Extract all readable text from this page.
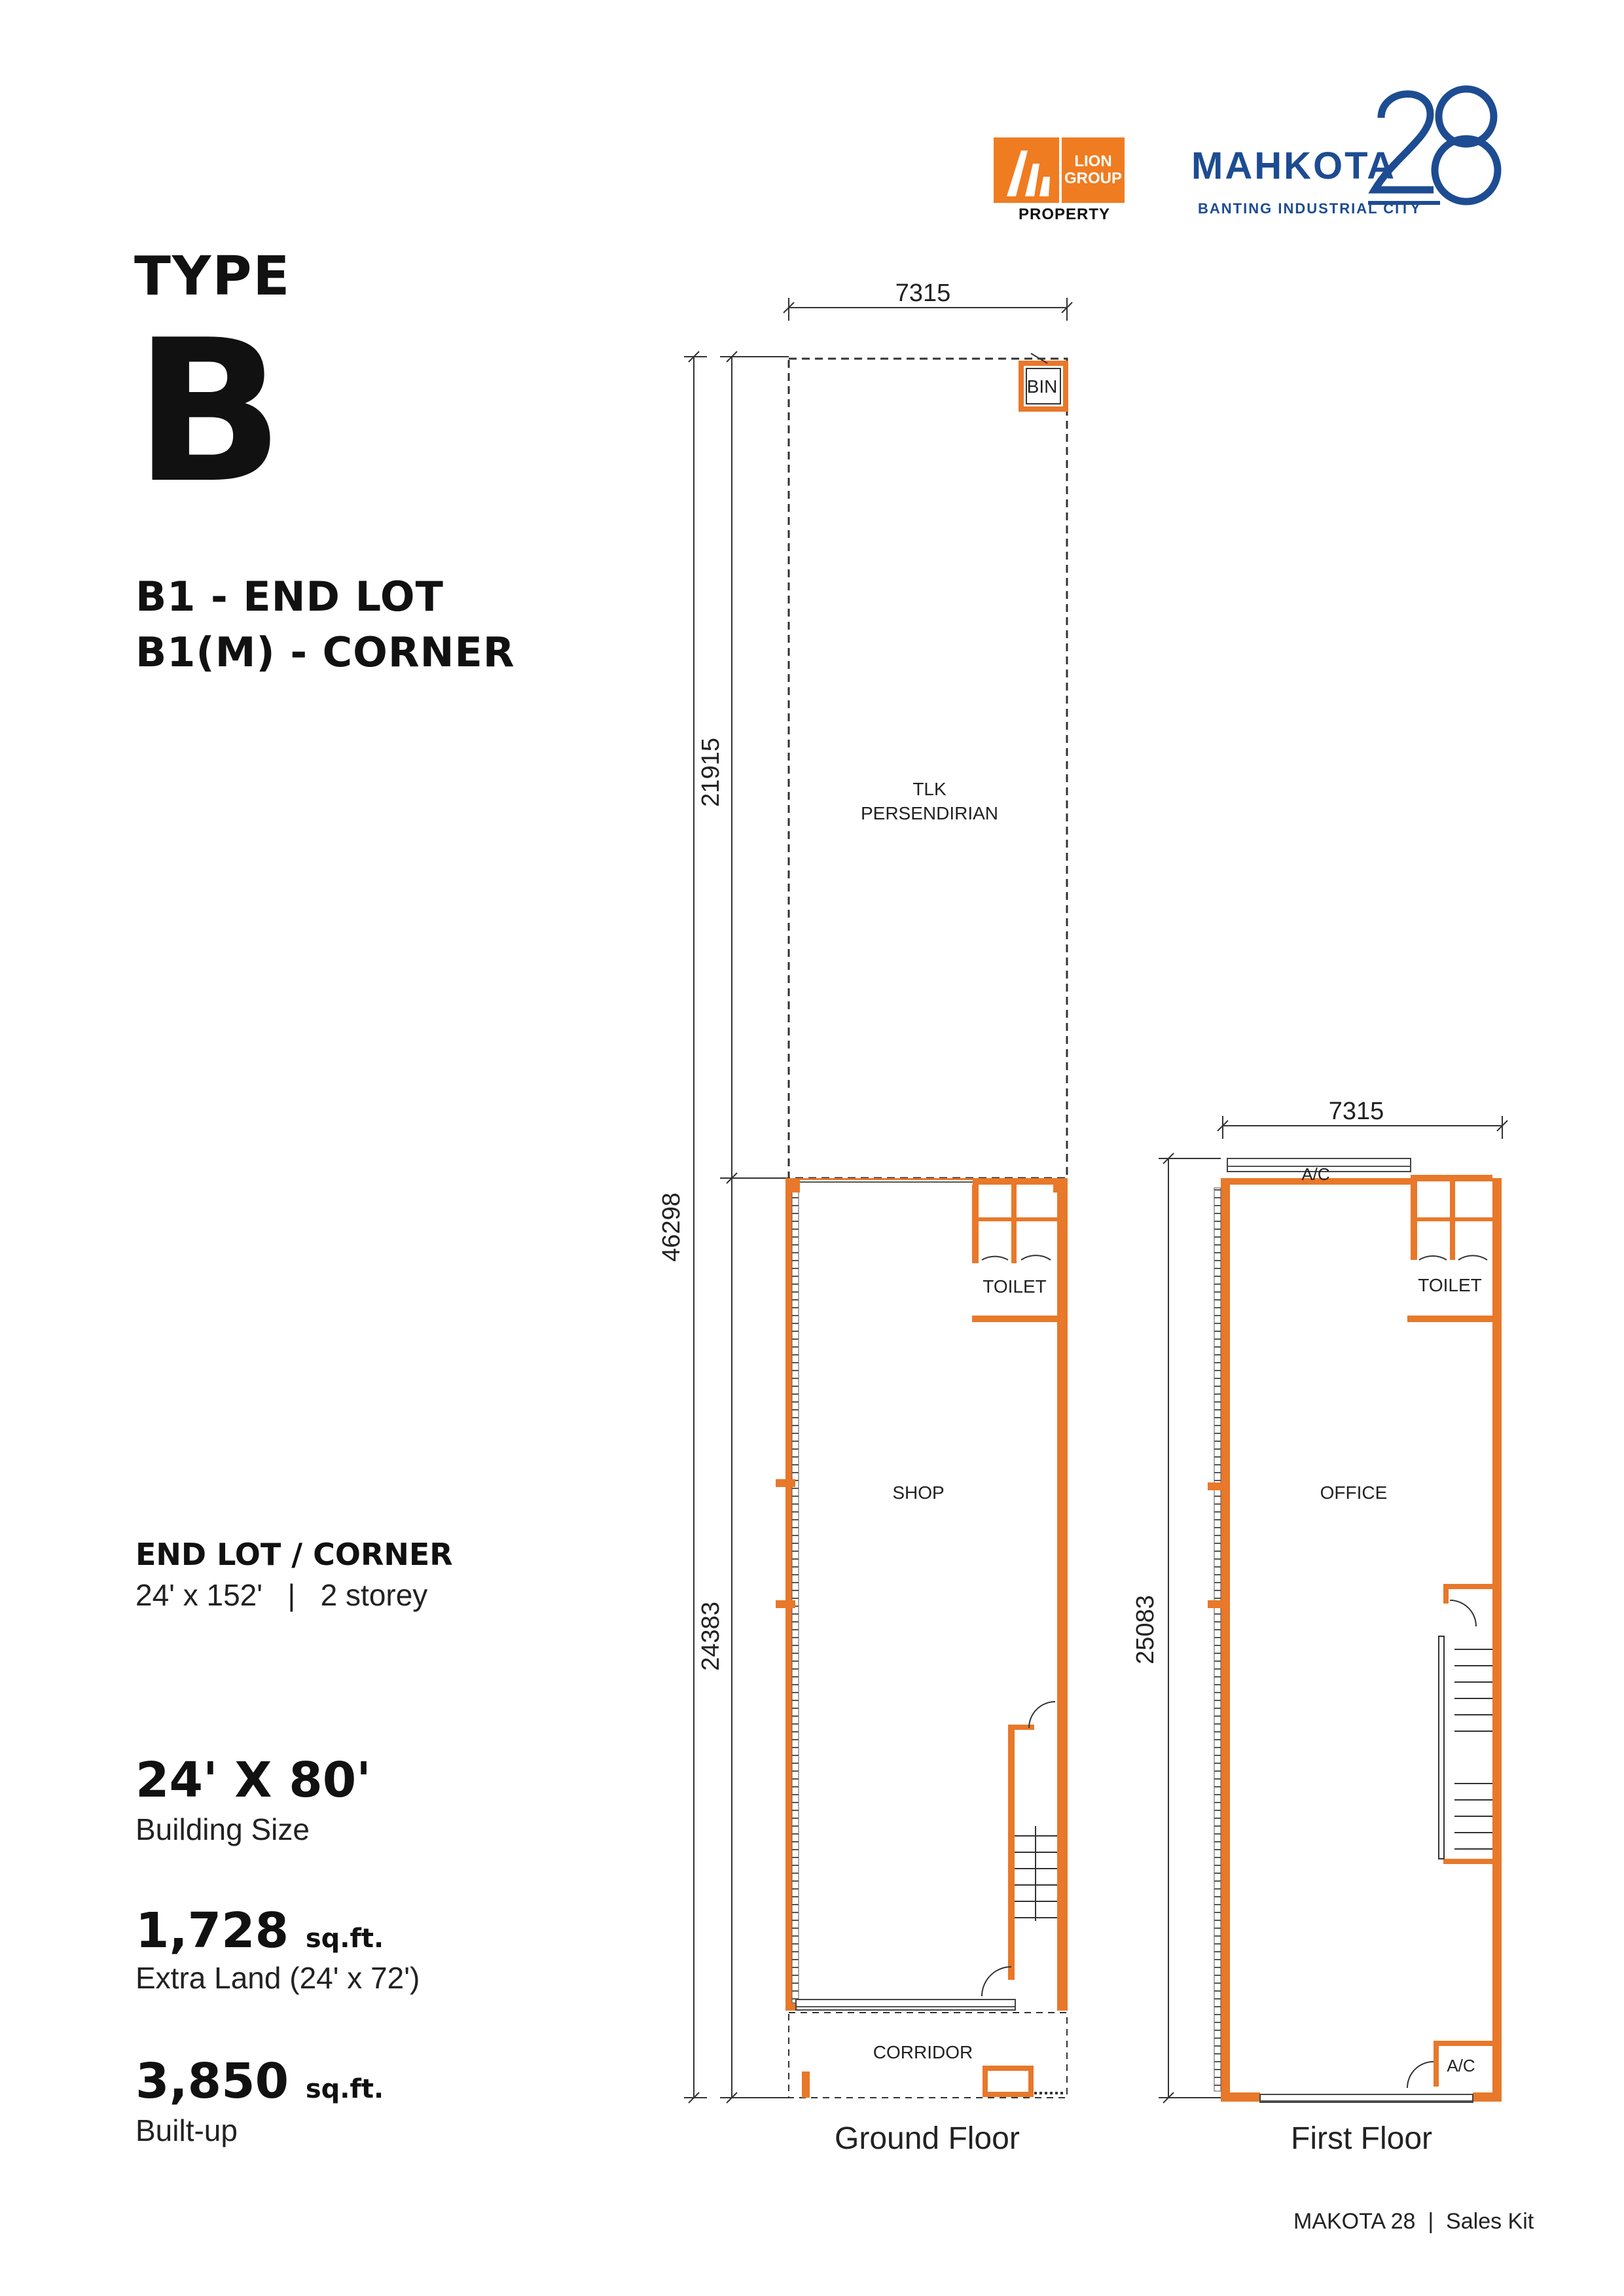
TYPE
B
B1 - END LOT
B1(M) - CORNER
END LOT / CORNER
24' x 152'   |   2 storey
24' X 80'
Building Size
1,728 sq.ft.
Extra Land (24' x 72')
3,850 sq.ft.
Built-up
LION
GROUP
PROPERTY
MAHKOTA
BANTING INDUSTRIAL CITY
7315
46298
21915
24383
TLK
PERSENDIRIAN
BIN
TOILET
SHOP
CORRIDOR
7315
25083
A/C
TOILET
OFFICE
A/C
Ground Floor	First Floor
MAKOTA 28  |  Sales Kit
